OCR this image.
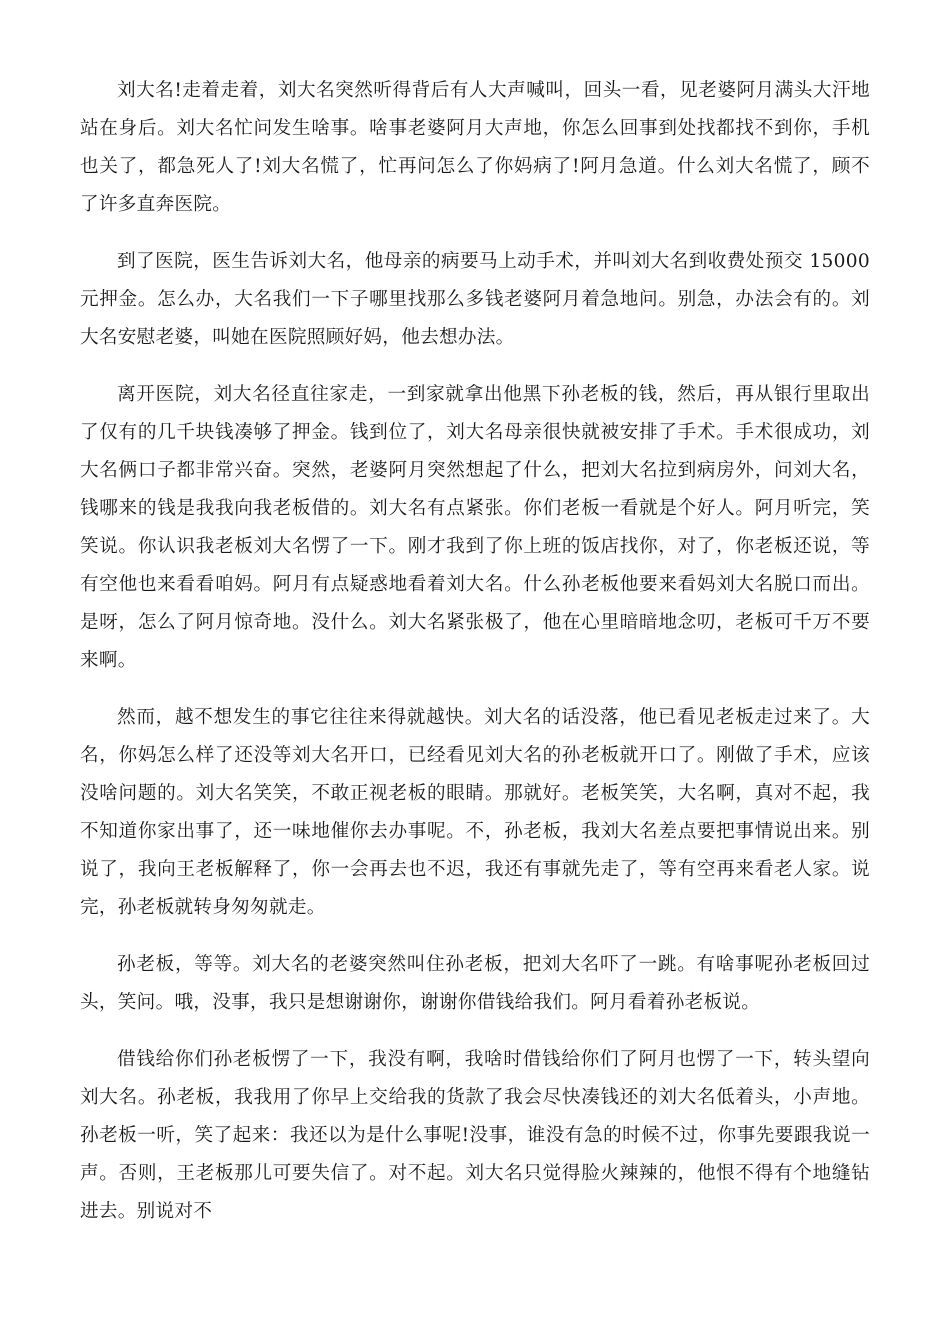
刘大名!走着走着，刘大名突然听得背后有人大声喊叫，回头一看，见老婆阿月满头大汗地站在身后。刘大名忙问发生啥事。啥事老婆阿月大声地，你怎么回事到处找都找不到你，手机也关了，都急死人了!刘大名慌了，忙再问怎么了你妈病了!阿月急道。什么刘大名慌了，顾不了许多直奔医院。

到了医院，医生告诉刘大名，他母亲的病要马上动手术，并叫刘大名到收费处预交 15000 元押金。怎么办，大名我们一下子哪里找那么多钱老婆阿月着急地问。别急，办法会有的。刘大名安慰老婆，叫她在医院照顾好妈，他去想办法。

离开医院，刘大名径直往家走，一到家就拿出他黑下孙老板的钱，然后，再从银行里取出了仅有的几千块钱凑够了押金。钱到位了，刘大名母亲很快就被安排了手术。手术很成功，刘大名俩口子都非常兴奋。突然，老婆阿月突然想起了什么，把刘大名拉到病房外，问刘大名，钱哪来的钱是我我向我老板借的。刘大名有点紧张。你们老板一看就是个好人。阿月听完，笑笑说。你认识我老板刘大名愣了一下。刚才我到了你上班的饭店找你，对了，你老板还说，等有空他也来看看咱妈。阿月有点疑惑地看着刘大名。什么孙老板他要来看妈刘大名脱口而出。是呀，怎么了阿月惊奇地。没什么。刘大名紧张极了，他在心里暗暗地念叨，老板可千万不要来啊。

然而，越不想发生的事它往往来得就越快。刘大名的话没落，他已看见老板走过来了。大名，你妈怎么样了还没等刘大名开口，已经看见刘大名的孙老板就开口了。刚做了手术，应该没啥问题的。刘大名笑笑，不敢正视老板的眼睛。那就好。老板笑笑，大名啊，真对不起，我不知道你家出事了，还一味地催你去办事呢。不，孙老板，我刘大名差点要把事情说出来。别说了，我向王老板解释了，你一会再去也不迟，我还有事就先走了，等有空再来看老人家。说完，孙老板就转身匆匆就走。

孙老板，等等。刘大名的老婆突然叫住孙老板，把刘大名吓了一跳。有啥事呢孙老板回过头，笑问。哦，没事，我只是想谢谢你，谢谢你借钱给我们。阿月看着孙老板说。

借钱给你们孙老板愣了一下，我没有啊，我啥时借钱给你们了阿月也愣了一下，转头望向刘大名。孙老板，我我用了你早上交给我的货款了我会尽快凑钱还的刘大名低着头，小声地。孙老板一听，笑了起来：我还以为是什么事呢!没事，谁没有急的时候不过，你事先要跟我说一声。否则，王老板那儿可要失信了。对不起。刘大名只觉得脸火辣辣的，他恨不得有个地缝钻进去。别说对不
